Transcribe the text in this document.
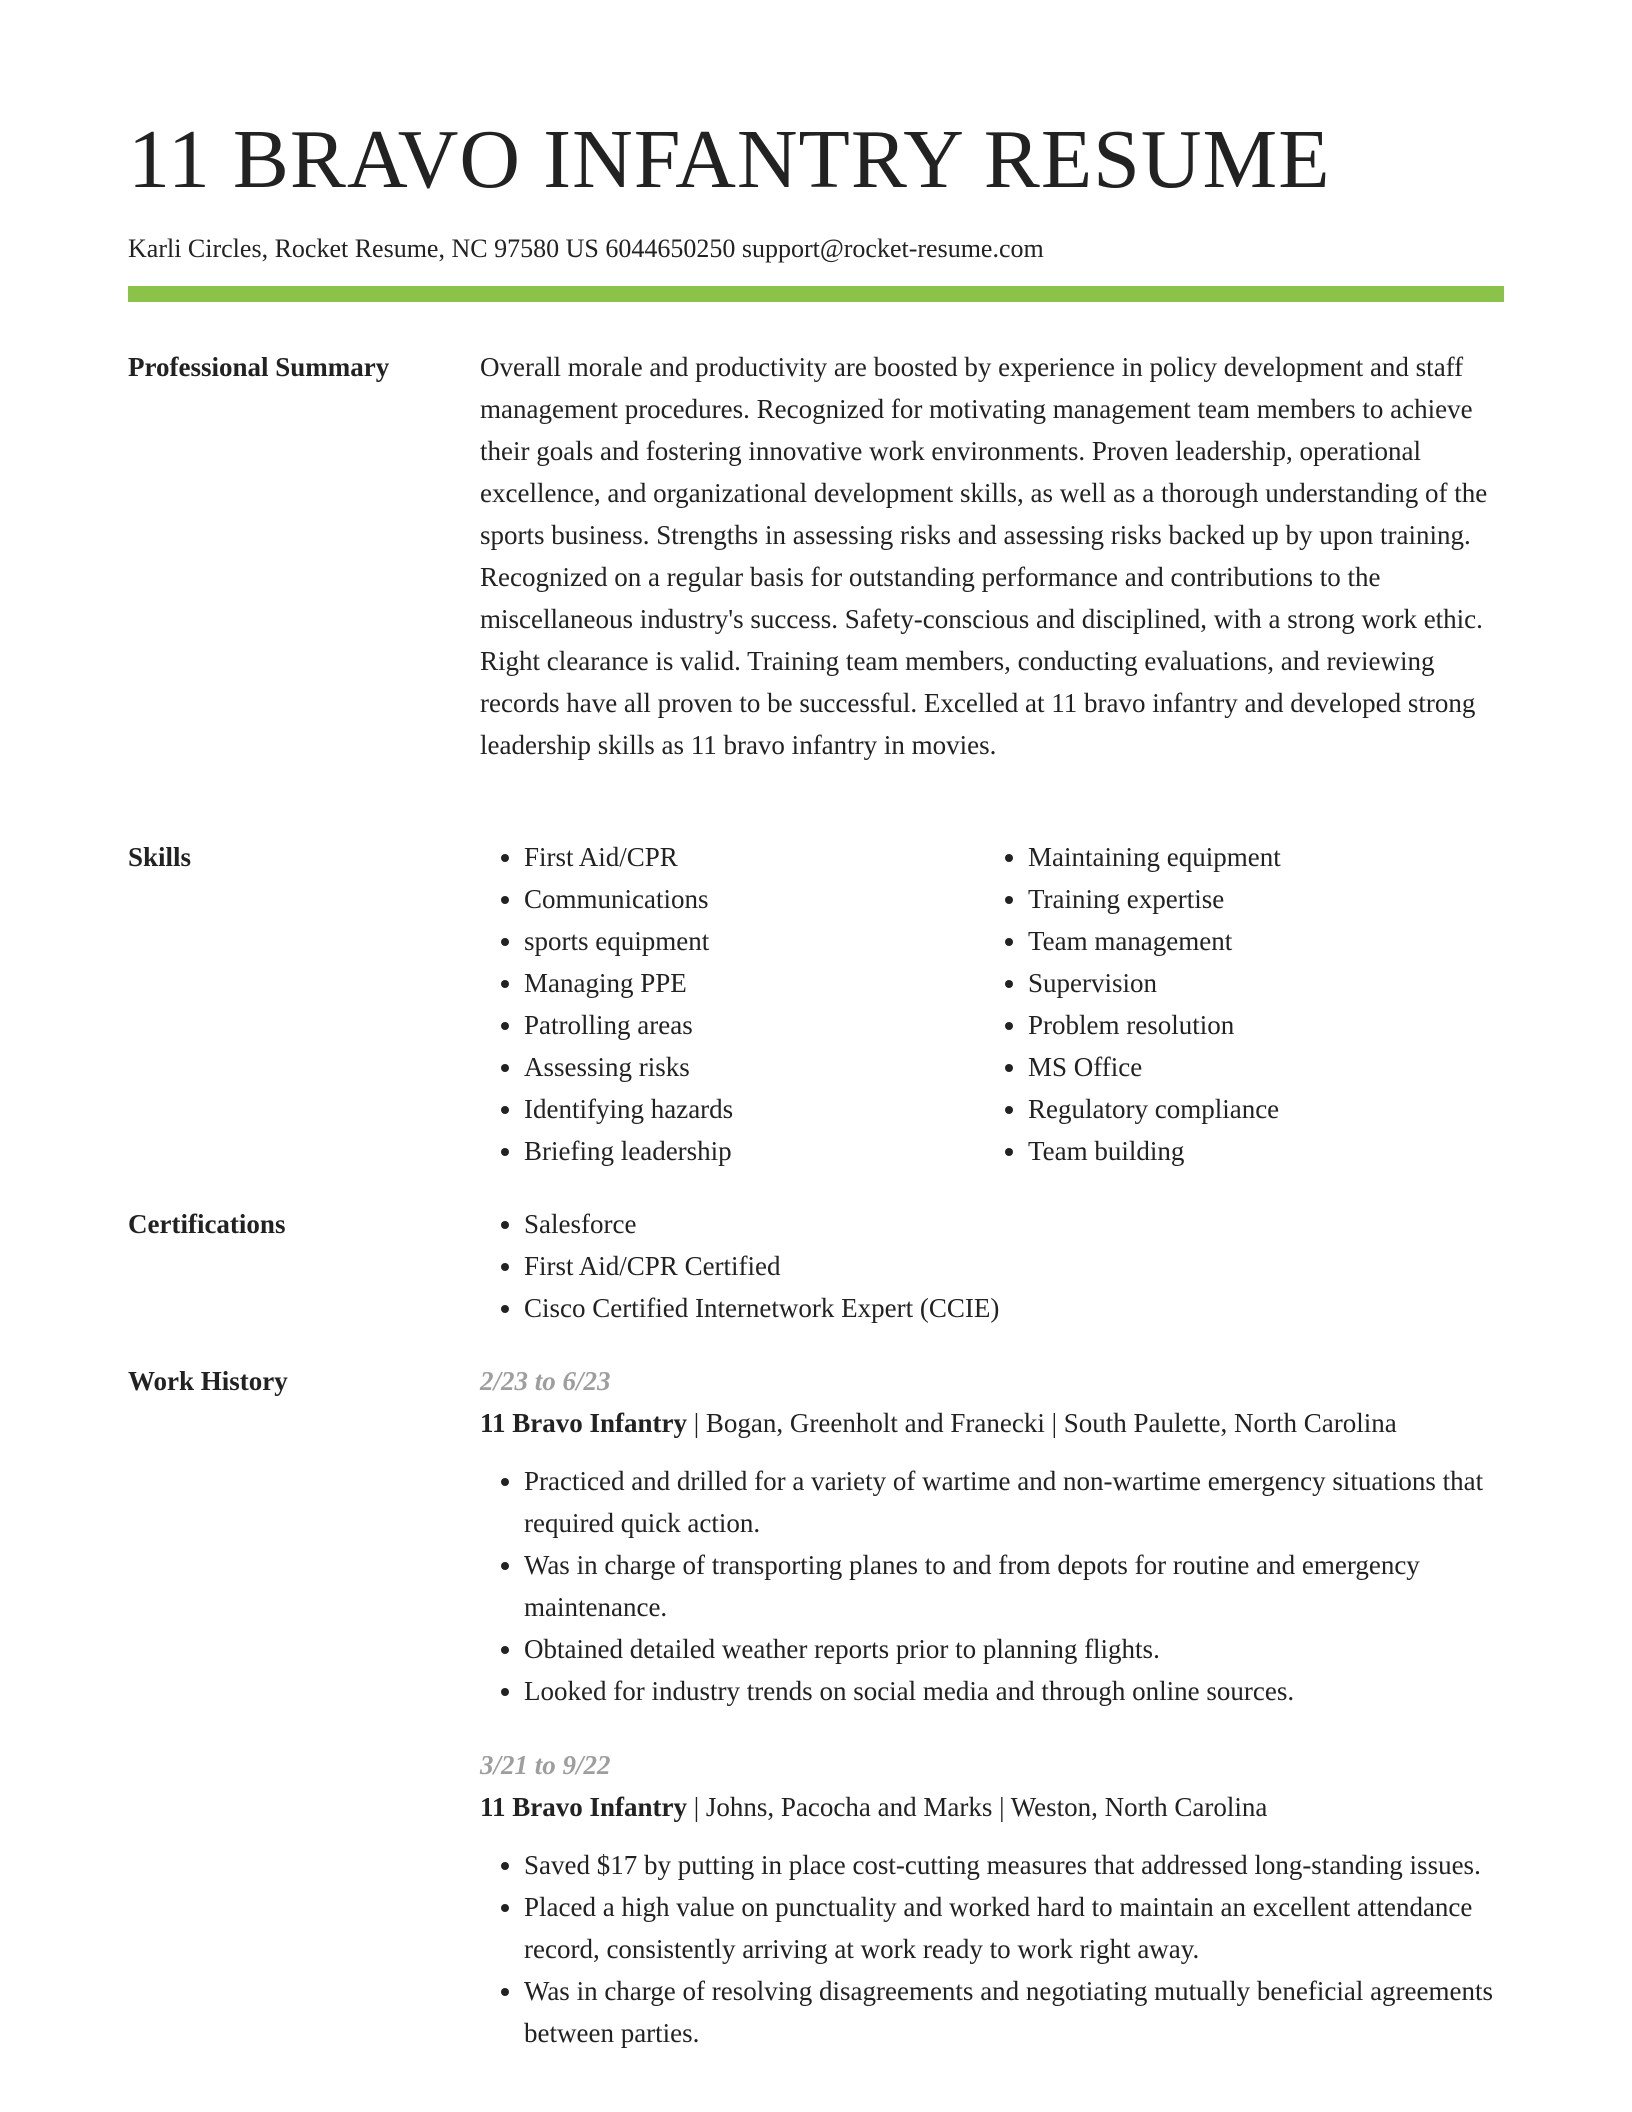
11 BRAVO INFANTRY RESUME
Karli Circles, Rocket Resume, NC 97580 US 6044650250 support@rocket-resume.com
Professional Summary	Overall morale and productivity are boosted by experience in policy development and staff management procedures. Recognized for motivating management team members to achieve their goals and fostering innovative work environments. Proven leadership, operational excellence, and organizational development skills, as well as a thorough understanding of the sports business. Strengths in assessing risks and assessing risks backed up by upon training. Recognized on a regular basis for outstanding performance and contributions to the miscellaneous industry's success. Safety-conscious and disciplined, with a strong work ethic. Right clearance is valid. Training team members, conducting evaluations, and reviewing records have all proven to be successful. Excelled at 11 bravo infantry and developed strong leadership skills as 11 bravo infantry in movies.

Skills	• First Aid/CPR
• Communications
• sports equipment
• Managing PPE
• Patrolling areas
• Assessing risks
• Identifying hazards
• Briefing leadership
• Maintaining equipment
• Training expertise
• Team management
• Supervision
• Problem resolution
• MS Office
• Regulatory compliance
• Team building
Certifications	• Salesforce
• First Aid/CPR Certified
• Cisco Certified Internetwork Expert (CCIE)
Work History	2/23 to 6/23
11 Bravo Infantry | Bogan, Greenholt and Franecki | South Paulette, North Carolina
• Practiced and drilled for a variety of wartime and non-wartime emergency situations that required quick action.
• Was in charge of transporting planes to and from depots for routine and emergency maintenance.
• Obtained detailed weather reports prior to planning flights.
• Looked for industry trends on social media and through online sources.
3/21 to 9/22
11 Bravo Infantry | Johns, Pacocha and Marks | Weston, North Carolina
• Saved $17 by putting in place cost-cutting measures that addressed long-standing issues.
• Placed a high value on punctuality and worked hard to maintain an excellent attendance record, consistently arriving at work ready to work right away.
• Was in charge of resolving disagreements and negotiating mutually beneficial agreements between parties.
